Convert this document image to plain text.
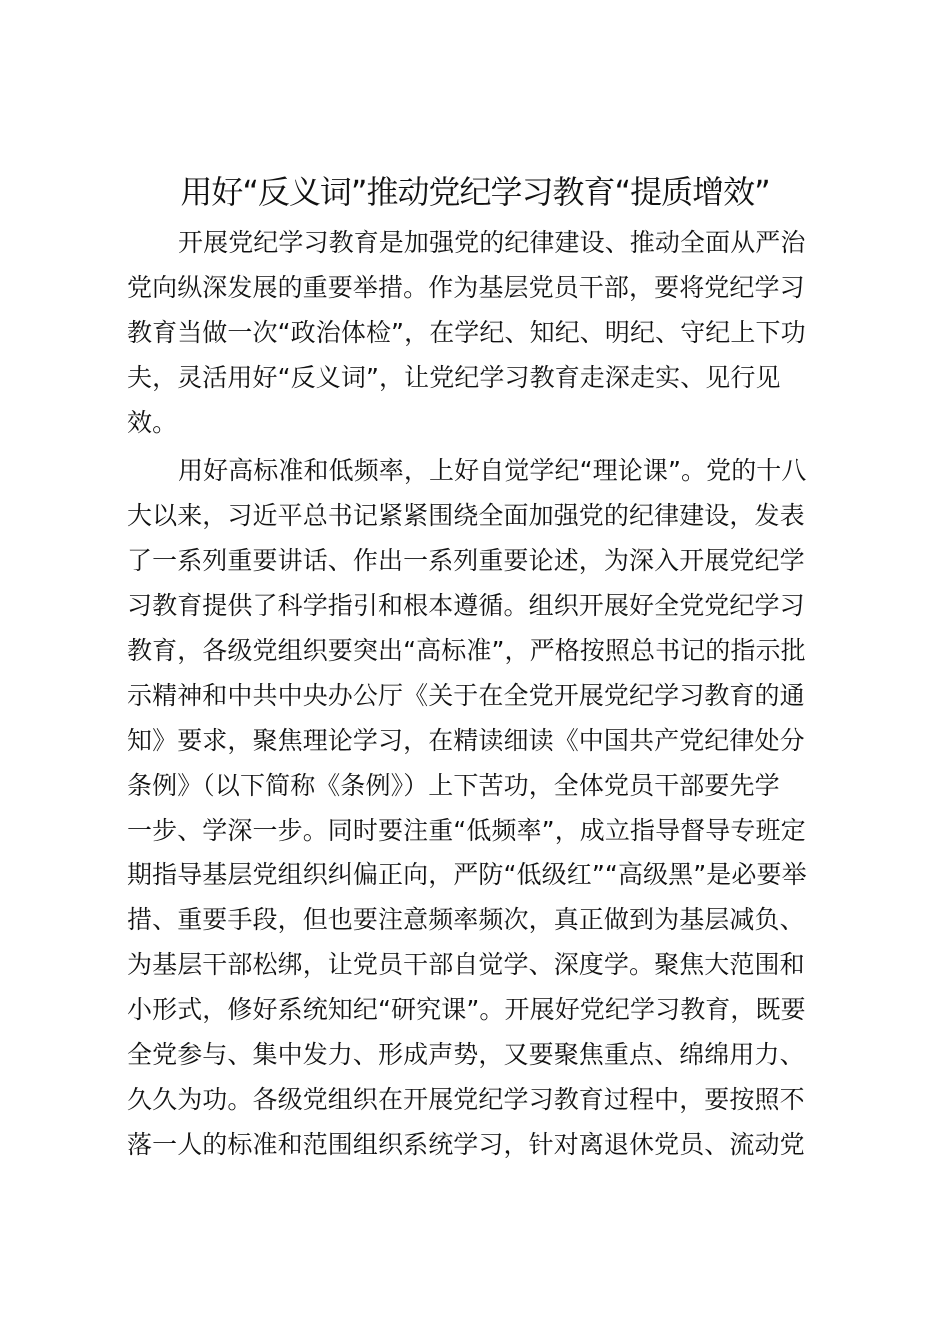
用好“反义词”推动党纪学习教育“提质增效”
开展党纪学习教育是加强党的纪律建设、推动全面从严治
党向纵深发展的重要举措。作为基层党员干部，要将党纪学习
教育当做一次“政治体检”，在学纪、知纪、明纪、守纪上下功
夫，灵活用好“反义词”，让党纪学习教育走深走实、见行见
效。
用好高标准和低频率，上好自觉学纪“理论课”。党的十八
大以来，习近平总书记紧紧围绕全面加强党的纪律建设，发表
了一系列重要讲话、作出一系列重要论述，为深入开展党纪学
习教育提供了科学指引和根本遵循。组织开展好全党党纪学习
教育，各级党组织要突出“高标准”，严格按照总书记的指示批
示精神和中共中央办公厅《关于在全党开展党纪学习教育的通
知》要求，聚焦理论学习，在精读细读《中国共产党纪律处分
条例》（以下简称《条例》）上下苦功，全体党员干部要先学
一步、学深一步。同时要注重“低频率”，成立指导督导专班定
期指导基层党组织纠偏正向，严防“低级红”“高级黑”是必要举
措、重要手段，但也要注意频率频次，真正做到为基层减负、
为基层干部松绑，让党员干部自觉学、深度学。聚焦大范围和
小形式，修好系统知纪“研究课”。开展好党纪学习教育，既要
全党参与、集中发力、形成声势，又要聚焦重点、绵绵用力、
久久为功。各级党组织在开展党纪学习教育过程中，要按照不
落一人的标准和范围组织系统学习，针对离退休党员、流动党
